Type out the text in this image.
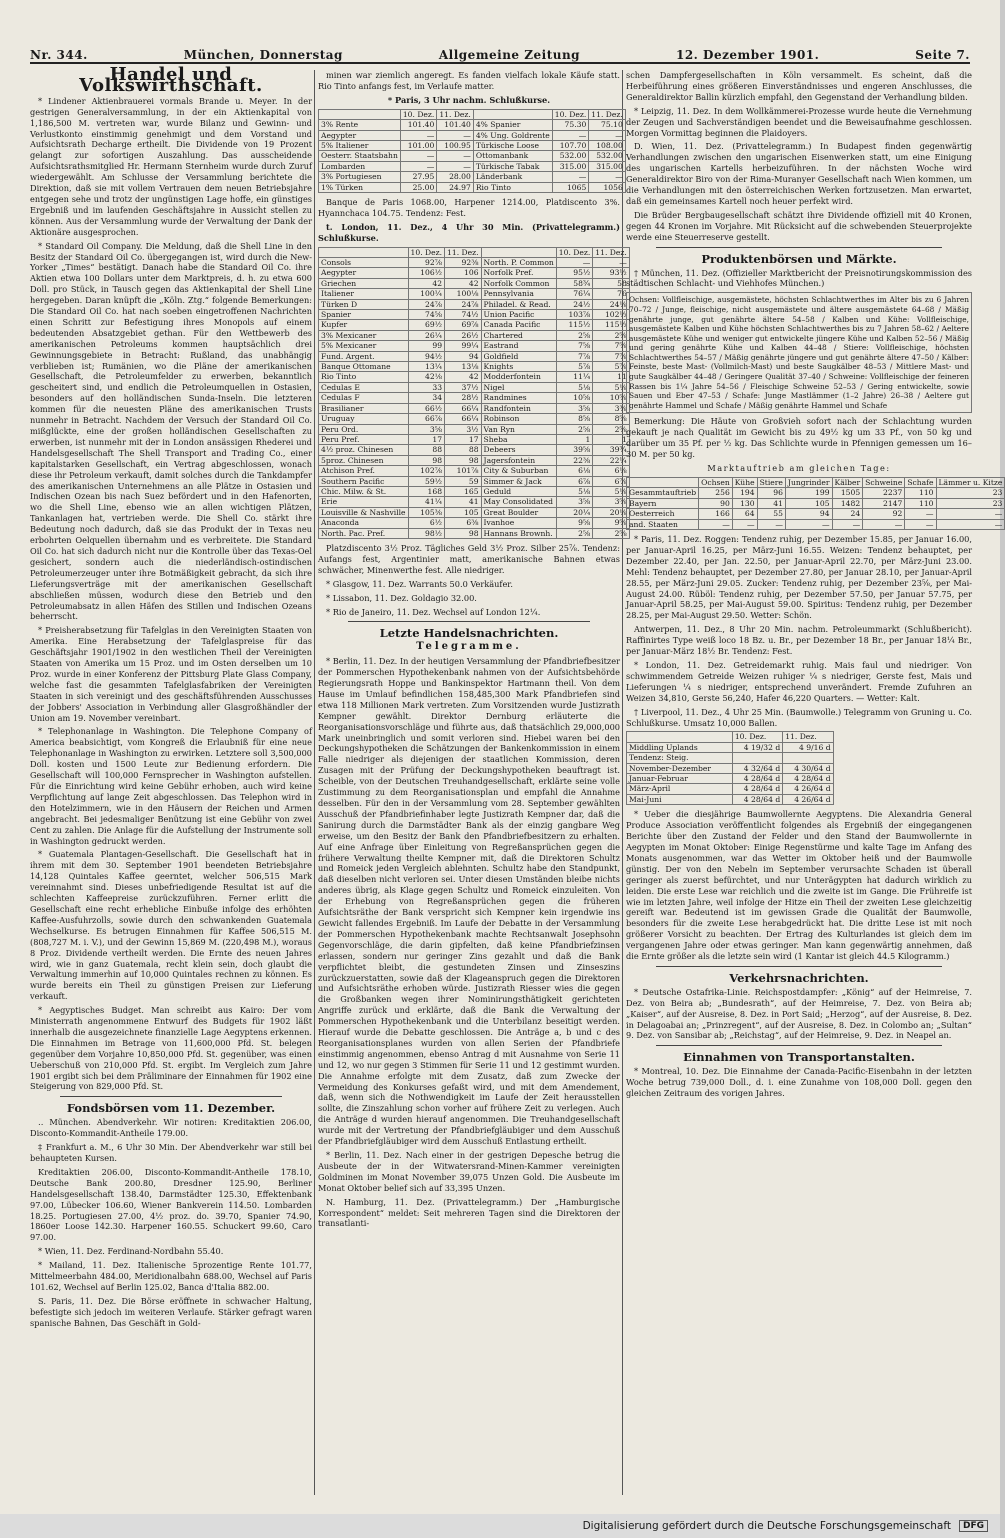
Nr. 344.	München, Donnerstag	Allgemeine Zeitung	12. Dezember 1901.	Seite 7.
Handel und Volkswirthschaft.

* Lindener Aktienbrauerei vormals Brande u. Meyer. In der gestrigen Generalversammlung, in der ein Aktienkapital von 1,186,500 M. vertreten war, wurde Bilanz und Gewinn- und Verlustkonto einstimmig genehmigt und dem Vorstand und Aufsichtsrath Decharge ertheilt. Die Dividende von 19 Prozent gelangt zur sofortigen Auszahlung. Das ausscheidende Aufsichtsrathsmitglied Hr. Hermann Sternheim wurde durch Zuruf wiedergewählt. Am Schlusse der Versammlung berichtete die Direktion, daß sie mit vollem Vertrauen dem neuen Betriebsjahre entgegen sehe und trotz der ungünstigen Lage hoffe, ein günstiges Ergebniß und im laufenden Geschäftsjahre in Aussicht stellen zu können. Aus der Versammlung wurde der Verwaltung der Dank der Aktionäre ausgesprochen.

* Standard Oil Company. Die Meldung, daß die Shell Line in den Besitz der Standard Oil Co. übergegangen ist, wird durch die New-Yorker „Times“ bestätigt. Danach habe die Standard Oil Co. ihre Aktien etwa 100 Dollars unter dem Marktpreis, d. h. zu etwa 600 Doll. pro Stück, in Tausch gegen das Aktienkapital der Shell Line hergegeben. Daran knüpft die „Köln. Ztg.“ folgende Bemerkungen: Die Standard Oil Co. hat nach soeben eingetroffenen Nachrichten einen Schritt zur Befestigung ihres Monopols auf einem bedeutenden Absatzgebiet gethan. Für den Wettbewerb des amerikanischen Petroleums kommen hauptsächlich drei Gewinnungsgebiete in Betracht: Rußland, das unabhängig verblieben ist; Rumänien, wo die Pläne der amerikanischen Gesellschaft, die Petroleumfelder zu erwerben, bekanntlich gescheitert sind, und endlich die Petroleumquellen in Ostasien, besonders auf den holländischen Sunda-Inseln. Die letzteren kommen für die neuesten Pläne des amerikanischen Trusts nunmehr in Betracht. Nachdem der Versuch der Standard Oil Co. mißglückte, eine der großen holländischen Gesellschaften zu erwerben, ist nunmehr mit der in London ansässigen Rhederei und Handelsgesellschaft The Shell Transport and Trading Co., einer kapitalstarken Gesellschaft, ein Vertrag abgeschlossen, wonach diese ihr Petroleum verkauft, damit solches durch die Tankdampfer des amerikanischen Unternehmens an alle Plätze in Ostasien und Indischen Ozean bis nach Suez befördert und in den Hafenorten, wo die Shell Line, ebenso wie an allen wichtigen Plätzen, Tankanlagen hat, vertrieben werde. Die Shell Co. stärkt ihre Bedeutung noch dadurch, daß sie das Produkt der in Texas neu erbohrten Oelquellen übernahm und es verbreitete. Die Standard Oil Co. hat sich dadurch nicht nur die Kontrolle über das Texas-Oel gesichert, sondern auch die niederländisch-ostindischen Petroleumerzeuger unter ihre Botmäßigkeit gebracht, da sich ihre Lieferungsverträge mit der amerikanischen Gesellschaft abschließen müssen, wodurch diese den Betrieb und den Petroleumabsatz in allen Häfen des Stillen und Indischen Ozeans beherrscht.

* Preisherabsetzung für Tafelglas in den Vereinigten Staaten von Amerika. Eine Herabsetzung der Tafelglaspreise für das Geschäftsjahr 1901/1902 in den westlichen Theil der Vereinigten Staaten von Amerika um 15 Proz. und im Osten derselben um 10 Proz. wurde in einer Konferenz der Pittsburg Plate Glass Company, welche fast die gesammten Tafelglasfabriken der Vereinigten Staaten in sich vereinigt und des geschäftsführenden Ausschusses der Jobbers' Association in Verbindung aller Glasgroßhändler der Union am 19. November vereinbart.

* Telephonanlage in Washington. Die Telephone Company of America beabsichtigt, vom Kongreß die Erlaubniß für eine neue Telephonanlage in Washington zu erwirken. Letztere soll 3,500,000 Doll. kosten und 1500 Leute zur Bedienung erfordern. Die Gesellschaft will 100,000 Fernsprecher in Washington aufstellen. Für die Einrichtung wird keine Gebühr erhoben, auch wird keine Verpflichtung auf lange Zeit abgeschlossen. Das Telephon wird in den Hotelzimmern, wie in den Häusern der Reichen und Armen angebracht. Bei jedesmaliger Benützung ist eine Gebühr von zwei Cent zu zahlen. Die Anlage für die Aufstellung der Instrumente soll in Washington gedruckt werden.

* Guatemala Plantagen-Gesellschaft. Die Gesellschaft hat in ihrem mit dem 30. September 1901 beendeten Betriebsjahre 14,128 Quintales Kaffee geerntet, welcher 506,515 Mark vereinnahmt sind. Dieses unbefriedigende Resultat ist auf die schlechten Kaffeepreise zurückzuführen. Ferner erlitt die Gesellschaft eine recht erhebliche Einbuße infolge des erhöhten Kaffee-Ausfuhrzolls, sowie durch den schwankenden Guatemala Wechselkurse. Es betrugen Einnahmen für Kaffee 506,515 M. (808,727 M. i. V.), und der Gewinn 15,869 M. (220,498 M.), woraus 8 Proz. Dividende vertheilt werden. Die Ernte des neuen Jahres wird, wie in ganz Guatemala, recht klein sein, doch glaubt die Verwaltung immerhin auf 10,000 Quintales rechnen zu können. Es wurde bereits ein Theil zu günstigen Preisen zur Lieferung verkauft.

* Aegyptisches Budget. Man schreibt aus Kairo: Der vom Ministerrath angenommene Entwurf des Budgets für 1902 läßt innerhalb die ausgezeichnete finanzielle Lage Aegyptens erkennen. Die Einnahmen im Betrage von 11,600,000 Pfd. St. belegen gegenüber dem Vorjahre 10,850,000 Pfd. St. gegenüber, was einen Ueberschuß von 210,000 Pfd. St. ergibt. Im Vergleich zum Jahre 1901 ergibt sich bei dem Präliminare der Einnahmen für 1902 eine Steigerung von 829,000 Pfd. St.

Fondsbörsen vom 11. Dezember.

‥ München. Abendverkehr. Wir notiren: Kreditaktien 206.00, Disconto-Kommandit-Antheile 179.00.

‡ Frankfurt a. M., 6 Uhr 30 Min. Der Abendverkehr war still bei behaupteten Kursen.

Kreditaktien 206.00, Disconto-Kommandit-Antheile 178.10, Deutsche Bank 200.80, Dresdner 125.90, Berliner Handelsgesellschaft 138.40, Darmstädter 125.30, Effektenbank 97.00, Lübecker 106.60, Wiener Bankverein 114.50. Lombarden 18.25. Portugiesen 27.00, 4½ proz. do. 39.70, Spanier 74.90, 1860er Loose 142.30. Harpener 160.55. Schuckert 99.60, Caro 97.00.

* Wien, 11. Dez. Ferdinand-Nordbahn 55.40.

* Mailand, 11. Dez. Italienische 5prozentige Rente 101.77, Mittelmeerbahn 484.00, Meridionalbahn 688.00, Wechsel auf Paris 101.62, Wechsel auf Berlin 125.02, Banca d'Italia 882.00.

S. Paris, 11. Dez. Die Börse eröffnete in schwacher Haltung, befestigte sich jedoch im weiteren Verlaufe. Stärker gefragt waren spanische Bahnen, Das Geschäft in Gold-

minen war ziemlich angeregt. Es fanden vielfach lokale Käufe statt. Rio Tinto anfangs fest, im Verlaufe matter.

* Paris, 3 Uhr nachm. Schlußkurse.

	10. Dez.	11. Dez.		10. Dez.	11. Dez.
3% Rente	101.40	101.40	4% Spanier	75.30	75.10
Aegypter	—	—	4% Ung. Goldrente	—	—
5% Italiener	101.00	100.95	Türkische Loose	107.70	108.00
Oesterr. Staatsbahn	—	—	Ottomanbank	532.00	532.00
Lombarden	—	—	Türkische Tabak	315.00	315.00
3% Portugiesen	27.95	28.00	Länderbank	—	—
1% Türken	25.00	24.97	Rio Tinto	1065	1056

Banque de Paris 1068.00, Harpener 1214.00, Platdiscento 3%. Hyannchaca 104.75. Tendenz: Fest.

t. London, 11. Dez., 4 Uhr 30 Min. (Privattelegramm.) Schlußkurse.

	10. Dez.	11. Dez.		10. Dez.	11. Dez.
Consols	92⅞	92⅜	North. P. Common	—	—
Aegypter	106½	106	Norfolk Pref.	95½	93½
Griechen	42	42	Norfolk Common	58¾	58
Italiener	100¼	100⅛	Pennsylvania	76¼	76
Türken D	24⅞	24⅞	Philadel. & Read.	24½	24⅛
Spanier	74⅝	74½	Union Pacific	103⅞	102½
Kupfer	69½	69⅞	Canada Pacific	115½	115½
3% Mexicaner	26¼	26½	Chartered	2⅝	2⅝
5% Mexicaner	99	99¼	Eastrand	7⅝	7⅝
Fund. Argent.	94½	94	Goldfield	7⅞	7⅞
Banque Ottomane	13¼	13⅛	Knights	5⅞	5⅞
Rio Tinto	42⅛	42	Modderfontein	11¼	11
Cedulas E	33	37½	Nigel	5⅛	5⅛
Cedulas F	34	28½	Randmines	10⅝	10⅝
Brasilianer	66½	66¼	Randfontein	3⅝	3⅜
Uruguay	66⅞	66¼	Robinson	8⅝	8⅝
Peru Ord.	3⅝	3½	Van Ryn	2⅝	2⅝
Peru Pref.	17	17	Sheba	1	1
4½ proz. Chinesen	88	88	Debeers	39⅝	39¾
5proz. Chinesen	98	98	Jagersfontein	22⅜	22¼
Atchison Pref.	102⅞	101⅞	City & Suburban	6⅛	6⅛
Southern Pacific	59½	59	Simmer & Jack	6⅞	6⅞
Chic. Milw. & St.	168	165	Geduld	5⅛	5⅛
Erie	41¼	41	May Consolidated	3⅝	3⅝
Louisville & Nashville	105⅜	105	Great Boulder	20¼	20⅛
Anaconda	6½	6⅜	Ivanhoe	9⅝	9⅝
North. Pac. Pref.	98½	98	Hannans Brownh.	2⅝	2⅝

Platzdiscento 3½ Proz. Tägliches Geld 3½ Proz. Silber 25⅞. Tendenz: Aufangs fest, Argentinier matt, amerikanische Bahnen etwas schwächer, Minenwerthe fest. Alle niedriger.

* Glasgow, 11. Dez. Warrants 50.0 Verkäufer.

* Lissabon, 11. Dez. Goldagio 32.00.

* Rio de Janeiro, 11. Dez. Wechsel auf London 12¼.

Letzte Handelsnachrichten.
Telegramme.

* Berlin, 11. Dez. In der heutigen Versammlung der Pfandbriefbesitzer der Pommerschen Hypothekenbank nahmen von der Aufsichtsbehörde Regierungsrath Hoppe und Bankinspektor Hartmann theil. Von dem Hause im Umlauf befindlichen 158,485,300 Mark Pfandbriefen sind etwa 118 Millionen Mark vertreten. Zum Vorsitzenden wurde Justizrath Kempner gewählt. Direktor Dernburg erläuterte die Reorganisationsvorschläge und führte aus, daß thatsächlich 29,000,000 Mark uneinbringlich und somit verloren sind. Hiebei waren bei den Deckungshypotheken die Schätzungen der Bankenkommission in einem Falle niedriger als diejenigen der staatlichen Kommission, deren Zusagen mit der Prüfung der Deckungshypotheken beauftragt ist. Scheible, von der Deutschen Treuhandgesellschaft, erklärte seine volle Zustimmung zu dem Reorganisationsplan und empfahl die Annahme desselben. Für den in der Versammlung vom 28. September gewählten Ausschuß der Pfandbriefinhaber legte Justizrath Kempner dar, daß die Sanirung durch die Darmstädter Bank als der einzig gangbare Weg erweise, um den Besitz der Bank den Pfandbriefbesitzern zu erhalten. Auf eine Anfrage über Einleitung von Regreßansprüchen gegen die frühere Verwaltung theilte Kempner mit, daß die Direktoren Schultz und Romeick jeden Vergleich ablehnten. Schultz habe den Standpunkt, daß dieselben nicht verloren sei. Unter diesen Umständen bleibe nichts anderes übrig, als Klage gegen Schultz und Romeick einzuleiten. Von der Erhebung von Regreßansprüchen gegen die früheren Aufsichtsräthe der Bank verspricht sich Kempner kein irgendwie ins Gewicht fallendes Ergebniß. Im Laufe der Debatte in der Versammlung der Pommerschen Hypothekenbank machte Rechtsanwalt Josephsohn Gegenvorschläge, die darin gipfelten, daß keine Pfandbriefzinsen erlassen, sondern nur geringer Zins gezahlt und daß die Bank verpflichtet bleibt, die gestundeten Zinsen und Zinseszins zurückzuerstatten, sowie daß der Klageanspruch gegen die Direktoren und Aufsichtsräthe erhoben würde. Justizrath Riesser wies die gegen die Großbanken wegen ihrer Nominirungsthätigkeit gerichteten Angriffe zurück und erklärte, daß die Bank die Verwaltung der Pommerschen Hypothekenbank und die Unterbilanz beseitigt werden. Hierauf wurde die Debatte geschlossen. Die Anträge a, b und c des Reorganisationsplanes wurden von allen Serien der Pfandbriefe einstimmig angenommen, ebenso Antrag d mit Ausnahme von Serie 11 und 12, wo nur gegen 3 Stimmen für Serie 11 und 12 gestimmt wurden. Die Annahme erfolgte mit dem Zusatz, daß zum Zwecke der Vermeidung des Konkurses gefaßt wird, und mit dem Amendement, daß, wenn sich die Nothwendigkeit im Laufe der Zeit herausstellen sollte, die Zinszahlung schon vorher auf frühere Zeit zu verlegen. Auch die Anträge d wurden hierauf angenommen. Die Treuhandgesellschaft wurde mit der Vertretung der Pfandbriefgläubiger und dem Ausschuß der Pfandbriefgläubiger wird dem Ausschuß Entlastung ertheilt.

* Berlin, 11. Dez. Nach einer in der gestrigen Depesche betrug die Ausbeute der in der Witwatersrand-Minen-Kammer vereinigten Goldminen im Monat November 39,075 Unzen Gold. Die Ausbeute im Monat Oktober belief sich auf 33,395 Unzen.

N. Hamburg, 11. Dez. (Privattelegramm.) Der „Hamburgische Korrespondent“ meldet: Seit mehreren Tagen sind die Direktoren der transatlanti-

schen Dampfergesellschaften in Köln versammelt. Es scheint, daß die Herbeiführung eines größeren Einverständnisses und engeren Anschlusses, die Generaldirektor Ballin kürzlich empfahl, den Gegenstand der Verhandlung bilden.

* Leipzig, 11. Dez. In dem Wollkämmerei-Prozesse wurde heute die Vernehmung der Zeugen und Sachverständigen beendet und die Beweisaufnahme geschlossen. Morgen Vormittag beginnen die Plaidoyers.

D. Wien, 11. Dez. (Privattelegramm.) In Budapest finden gegenwärtig Verhandlungen zwischen den ungarischen Eisenwerken statt, um eine Einigung des ungarischen Kartells herbeizuführen. In der nächsten Woche wird Generaldirektor Biro von der Rima-Muranyer Gesellschaft nach Wien kommen, um die Verhandlungen mit den österreichischen Werken fortzusetzen. Man erwartet, daß ein gemeinsames Kartell noch heuer perfekt wird.

Die Brüder Bergbaugesellschaft schätzt ihre Dividende offiziell mit 40 Kronen, gegen 44 Kronen im Vorjahre. Mit Rücksicht auf die schwebenden Steuerprojekte werde eine Steuerreserve gestellt.

Produktenbörsen und Märkte.

† München, 11. Dez. (Offizieller Marktbericht der Preisnotirungskommission des städtischen Schlacht- und Viehhofes München.)

Ochsen: Vollfleischige, ausgemästete, höchsten Schlachtwerthes im Alter bis zu 6 Jahren 70–72 / Junge, fleischige, nicht ausgemästete und ältere ausgemästete 64–68 / Mäßig genährte junge, gut genährte ältere 54–58 / Kalben und Kühe: Vollfleischige, ausgemästete Kalben und Kühe höchsten Schlachtwerthes bis zu 7 Jahren 58–62 / Aeltere ausgemästete Kühe und weniger gut entwickelte jüngere Kühe und Kalben 52–56 / Mäßig und gering genährte Kühe und Kalben 44–48 / Stiere: Vollfleischige, höchsten Schlachtwerthes 54–57 / Mäßig genährte jüngere und gut genährte ältere 47–50 / Kälber: Feinste, beste Mast- (Vollmilch-Mast) und beste Saugkälber 48–53 / Mittlere Mast- und gute Saugkälber 44–48 / Geringere Qualität 37–40 / Schweine: Vollfleischige der feineren Rassen bis 1¼ Jahre 54–56 / Fleischige Schweine 52–53 / Gering entwickelte, sowie Sauen und Eber 47–53 / Schafe: Junge Mastlämmer (1–2 Jahre) 26–38 / Aeltere gut genährte Hammel und Schafe / Mäßig genährte Hammel und Schafe

Bemerkung: Die Häute von Großvieh sofort nach der Schlachtung wurden gekauft je nach Qualität im Gewicht bis zu 49½ kg um 33 Pf., von 50 kg und darüber um 35 Pf. per ½ kg. Das Schlichte wurde in Pfennigen gemessen um 16–30 M. per 50 kg.

Marktauftrieb am gleichen Tage:

	Ochsen	Kühe	Stiere	Jungrinder	Kälber	Schweine	Schafe	Lämmer u. Kitze
Gesammtauftrieb	256	194	96	199	1505	2237	110	23
Bayern	90	130	41	105	1482	2147	110	23
Oesterreich	166	64	55	94	24	92	—	—
and. Staaten	—	—	—	—	—	—	—	—

* Paris, 11. Dez. Roggen: Tendenz ruhig, per Dezember 15.85, per Januar 16.00, per Januar-April 16.25, per März-Juni 16.55. Weizen: Tendenz behauptet, per Dezember 22.40, per Jan. 22.50, per Januar-April 22.70, per März-Juni 23.00. Mehl: Tendenz behauptet, per Dezember 27.80, per Januar 28.10, per Januar-April 28.55, per März-Juni 29.05. Zucker: Tendenz ruhig, per Dezember 23⅝, per Mai-August 24.00. Rüböl: Tendenz ruhig, per Dezember 57.50, per Januar 57.75, per Januar-April 58.25, per Mai-August 59.00. Spiritus: Tendenz ruhig, per Dezember 28.25, per Mai-August 29.50. Wetter: Schön.

Antwerpen, 11. Dez., 8 Uhr 20 Min. nachm. Petroleummarkt (Schlußbericht). Raffinirtes Type weiß loco 18 Bz. u. Br., per Dezember 18 Br., per Januar 18¼ Br., per Januar-März 18½ Br. Tendenz: Fest.

* London, 11. Dez. Getreidemarkt ruhig. Mais faul und niedriger. Von schwimmendem Getreide Weizen ruhiger ¼ s niedriger, Gerste fest, Mais und Lieferungen ¼ s niedriger, entsprechend unverändert. Fremde Zufuhren an Weizen 34,810, Gerste 56,240, Hafer 46,220 Quarters. — Wetter: Kalt.

† Liverpool, 11. Dez., 4 Uhr 25 Min. (Baumwolle.) Telegramm von Gruning u. Co. Schlußkurse. Umsatz 10,000 Ballen.

	10. Dez.	11. Dez.
Middling Uplands	4 19/32 d	4 9/16 d
Tendenz: Steig.		
November-Dezember	4 32/64 d	4 30/64 d
Januar-Februar	4 28/64 d	4 28/64 d
März-April	4 28/64 d	4 26/64 d
Mai-Juni	4 28/64 d	4 26/64 d

* Ueber die diesjährige Baumwollernte Aegyptens. Die Alexandria General Produce Association veröffentlicht folgendes als Ergebniß der eingegangenen Berichte über den Zustand der Felder und den Stand der Baumwollernte in Aegypten im Monat Oktober: Einige Regenstürme und kalte Tage im Anfang des Monats ausgenommen, war das Wetter im Oktober heiß und der Baumwolle günstig. Der von den Nebeln im September verursachte Schaden ist überall geringer als zuerst befürchtet, und nur Unterägypten hat dadurch wirklich zu leiden. Die erste Lese war reichlich und die zweite ist im Gange. Die Frühreife ist wie im letzten Jahre, weil infolge der Hitze ein Theil der zweiten Lese gleichzeitig gereift war. Bedeutend ist im gewissen Grade die Qualität der Baumwolle, besonders für die zweite Lese herabgedrückt hat. Die dritte Lese ist mit noch größerer Vorsicht zu beachten. Der Ertrag des Kulturlandes ist gleich dem im vergangenen Jahre oder etwas geringer. Man kann gegenwärtig annehmen, daß die Ernte größer als die letzte sein wird (1 Kantar ist gleich 44.5 Kilogramm.)

Verkehrsnachrichten.

* Deutsche Ostafrika-Linie. Reichspostdampfer: „König“ auf der Heimreise, 7. Dez. von Beira ab; „Bundesrath“, auf der Heimreise, 7. Dez. von Beira ab; „Kaiser“, auf der Ausreise, 8. Dez. in Port Said; „Herzog“, auf der Ausreise, 8. Dez. in Delagoabai an; „Prinzregent“, auf der Ausreise, 8. Dez. in Colombo an; „Sultan“ 9. Dez. von Sansibar ab; „Reichstag“, auf der Heimreise, 9. Dez. in Neapel an.

Einnahmen von Transportanstalten.

* Montreal, 10. Dez. Die Einnahme der Canada-Pacific-Eisenbahn in der letzten Woche betrug 739,000 Doll., d. i. eine Zunahme von 108,000 Doll. gegen den gleichen Zeitraum des vorigen Jahres.

Digitalisierung gefördert durch die Deutsche Forschungsgemeinschaft	DFG
